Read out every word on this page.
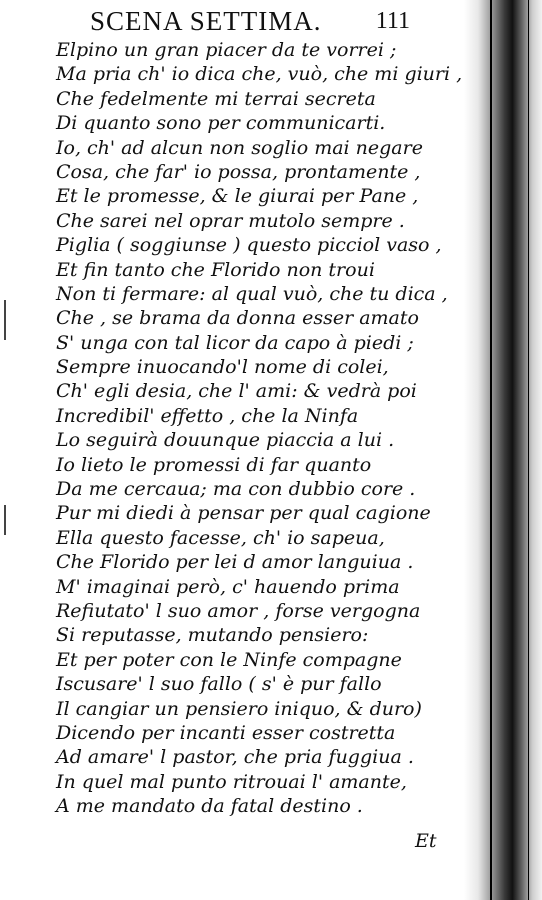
SCENA SETTIMA. 111
Elpino un gran piacer da te vorrei ;
Ma pria ch' io dica che, vuò, che mi giuri ,
Che fedelmente mi terrai secreta
Di quanto sono per communicarti.
Io, ch' ad alcun non soglio mai negare
Cosa, che far' io possa, prontamente ,
Et le promesse, & le giurai per Pane ,
Che sarei nel oprar mutolo sempre .
Piglia ( soggiunse ) questo picciol vaso ,
Et fin tanto che Florido non troui
Non ti fermare: al qual vuò, che tu dica ,
Che , se brama da donna esser amato
S' unga con tal licor da capo à piedi ;
Sempre inuocando'l nome di colei,
Ch' egli desia, che l' ami: & vedrà poi
Incredibil' effetto , che la Ninfa
Lo seguirà douunque piaccia a lui .
Io lieto le promessi di far quanto
Da me cercaua; ma con dubbio core .
Pur mi diedi à pensar per qual cagione
Ella questo facesse, ch' io sapeua,
Che Florido per lei d amor languiua .
M' imaginai però, c' hauendo prima
Refiutato' l suo amor , forse vergogna
Si reputasse, mutando pensiero:
Et per poter con le Ninfe compagne
Iscusare' l suo fallo ( s' è pur fallo
Il cangiar un pensiero iniquo, & duro)
Dicendo per incanti esser costretta
Ad amare' l pastor, che pria fuggiua .
In quel mal punto ritrouai l' amante,
A me mandato da fatal destino .
Et
